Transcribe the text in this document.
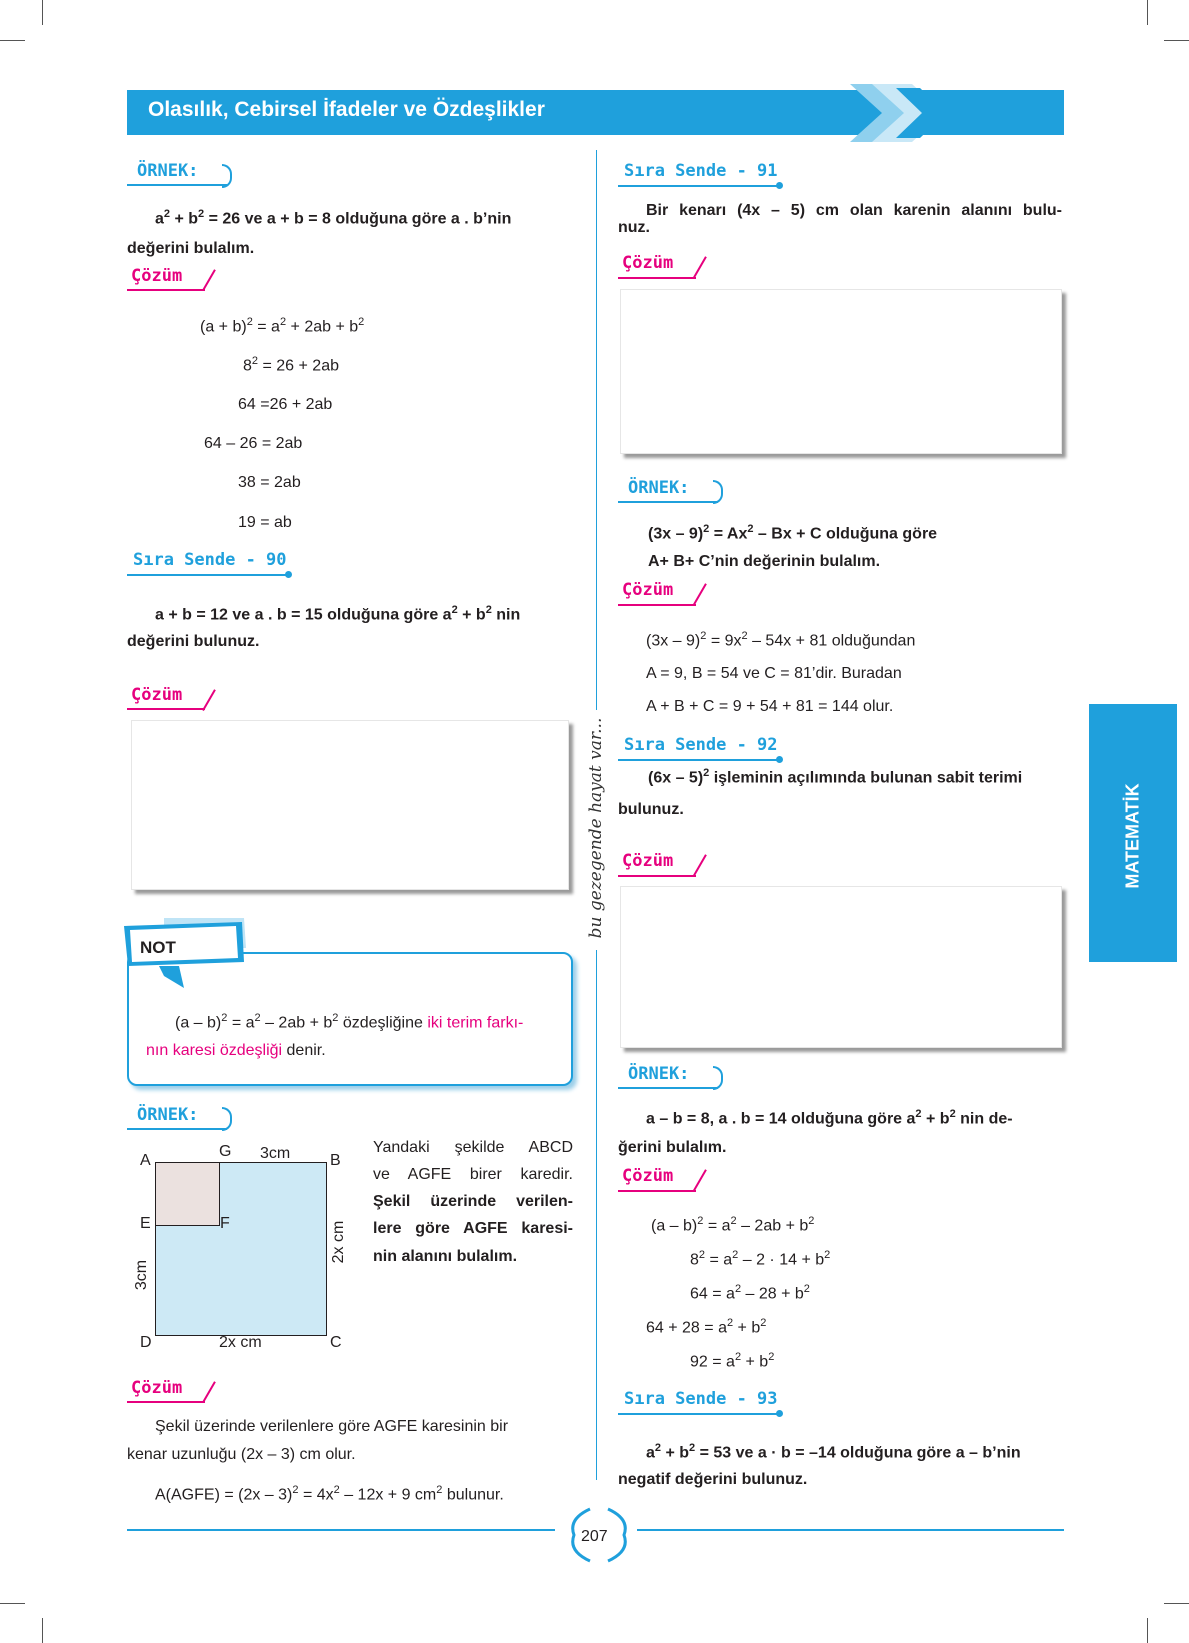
Olasılık, Cebirsel İfadeler ve Özdeşlikler
MATEMATİK
bu gezegende hayat var...
ÖRNEK:
$a^2 + b^2 = 26$ ve a + b = 8 olduğuna göre a . b’nin
değerini bulalım.
Çözüm
$(a + b)^2 = a^2 + 2ab + b^2$
$8^2 = 26 + 2ab$
64 =26 + 2ab
64 – 26 = 2ab
38 = 2ab
19 = ab
Sıra Sende - 90
a + b = 12 ve a . b = 15 olduğuna göre $a^2 + b^2$ nin
değerini bulunuz.
Çözüm
NOT
$(a - b)^2 = a^2 - 2ab + b^2$ özdeşliğine iki terim farkı-
nın karesi özdeşliği denir.
ÖRNEK:
A
G 3cm B
E	F	2x cm
3cm
D	2x cm	C
Yandaki şekilde ABCD
ve AGFE birer karedir.
Şekil üzerinde verilen-
lere göre AGFE karesi-
nin alanını bulalım.
Çözüm
Şekil üzerinde verilenlere göre AGFE karesinin bir
kenar uzunluğu (2x – 3) cm olur.
A(AGFE) = $(2x - 3)^2 = 4x^2 - 12x + 9$ $cm^2$ bulunur.
Sıra Sende - 91
Bir kenarı (4x – 5) cm olan karenin alanını bulu-
nuz.
Çözüm
ÖRNEK:
$(3x - 9)^2 = Ax^2 - Bx + C$ olduğuna göre
A+ B+ C’nin değerinin bulalım.
Çözüm
$(3x - 9)^2 = 9x^2 - 54x + 81$ olduğundan
A = 9, B = 54 ve C = 81’dir. Buradan
A + B + C = 9 + 54 + 81 = 144 olur.
Sıra Sende - 92
(6x – 5)$^2$ işleminin açılımında bulunan sabit terimi
bulunuz.
Çözüm
ÖRNEK:
a – b = 8, a . b = 14 olduğuna göre $a^2 + b^2$ nin de-
ğerini bulalım.
Çözüm
$(a - b)^2 = a^2 - 2ab + b^2$
$8^2 = a^2 - 2 \cdot 14 + b^2$
$64 = a^2 - 28 + b^2$
$64 + 28 = a^2 + b^2$
$92 = a^2 + b^2$
Sıra Sende - 93
$a^2 + b^2 = 53$ ve a · b = –14 olduğuna göre a – b’nin
negatif değerini bulunuz.
207
